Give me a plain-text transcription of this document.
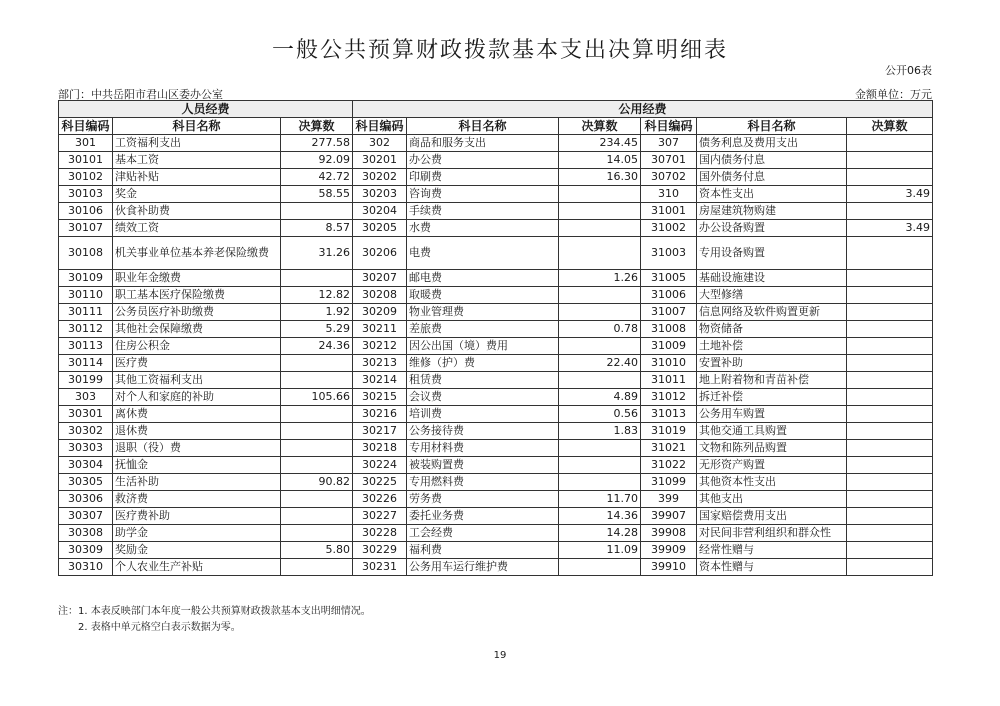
一般公共预算财政拨款基本支出决算明细表
公开06表
部门：中共岳阳市君山区委办公室	金额单位：万元
人员经费			公用经费					
科目编码	科目名称	决算数	科目编码	科目名称	决算数	科目编码	科目名称	决算数
301	工资福利支出	277.58	302	商品和服务支出	234.45	307	债务利息及费用支出	
30101	基本工资	92.09	30201	办公费	14.05	30701	国内债务付息	
30102	津贴补贴	42.72	30202	印刷费	16.30	30702	国外债务付息	
30103	奖金	58.55	30203	咨询费		310	资本性支出	3.49
30106	伙食补助费		30204	手续费		31001	房屋建筑物购建	
30107	绩效工资	8.57	30205	水费		31002	办公设备购置	3.49
30108	机关事业单位基本养老保险缴费	31.26	30206	电费		31003	专用设备购置	
30109	职业年金缴费		30207	邮电费	1.26	31005	基础设施建设	
30110	职工基本医疗保险缴费	12.82	30208	取暖费		31006	大型修缮	
30111	公务员医疗补助缴费	1.92	30209	物业管理费		31007	信息网络及软件购置更新	
30112	其他社会保障缴费	5.29	30211	差旅费	0.78	31008	物资储备	
30113	住房公积金	24.36	30212	因公出国（境）费用		31009	土地补偿	
30114	医疗费		30213	维修（护）费	22.40	31010	安置补助	
30199	其他工资福利支出		30214	租赁费		31011	地上附着物和青苗补偿	
303	对个人和家庭的补助	105.66	30215	会议费	4.89	31012	拆迁补偿	
30301	离休费		30216	培训费	0.56	31013	公务用车购置	
30302	退休费		30217	公务接待费	1.83	31019	其他交通工具购置	
30303	退职（役）费		30218	专用材料费		31021	文物和陈列品购置	
30304	抚恤金		30224	被装购置费		31022	无形资产购置	
30305	生活补助	90.82	30225	专用燃料费		31099	其他资本性支出	
30306	救济费		30226	劳务费	11.70	399	其他支出	
30307	医疗费补助		30227	委托业务费	14.36	39907	国家赔偿费用支出	
30308	助学金		30228	工会经费	14.28	39908	对民间非营利组织和群众性	
30309	奖励金	5.80	30229	福利费	11.09	39909	经常性赠与	
30310	个人农业生产补贴		30231	公务用车运行维护费		39910	资本性赠与	
注：1. 本表反映部门本年度一般公共预算财政拨款基本支出明细情况。
2. 表格中单元格空白表示数据为零。
19
